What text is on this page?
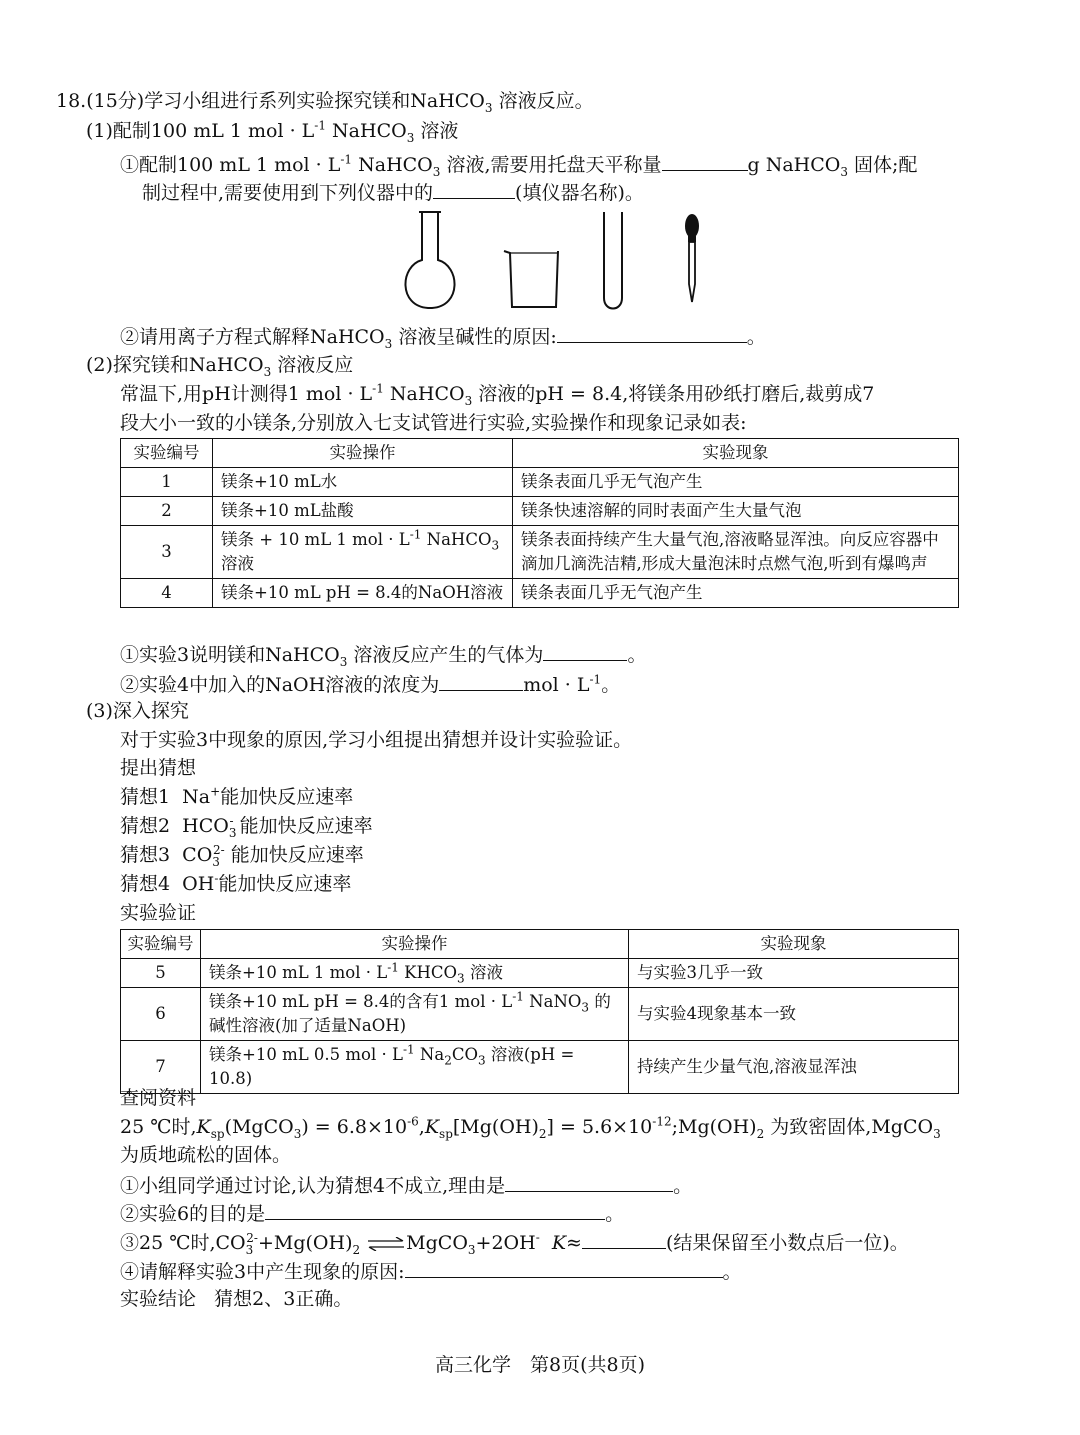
18.(15分)学习小组进行系列实验探究镁和NaHCO$_3$ 溶液反应。
(1)配制100 mL 1 mol · $L^{-1}$ NaHCO$_3$ 溶液
①配制100 mL 1 mol · $L^{-1}$ NaHCO$_3$ 溶液,需要用托盘天平称量	g NaHCO$_3$ 固体;配
制过程中,需要使用到下列仪器中的	(填仪器名称)。
②请用离子方程式解释NaHCO$_3$ 溶液呈碱性的原因:	。
(2)探究镁和NaHCO$_3$ 溶液反应
常温下,用pH计测得1 mol · $L^{-1}$ NaHCO$_3$ 溶液的pH = 8.4,将镁条用砂纸打磨后,裁剪成7
段大小一致的小镁条,分别放入七支试管进行实验,实验操作和现象记录如表:
实验编号	实验操作	实验现象
1	镁条+10 mL水	镁条表面几乎无气泡产生
2	镁条+10 mL盐酸	镁条快速溶解的同时表面产生大量气泡
3	镁条 + 10 mL 1 mol · $L^{-1}$ NaHCO$_3$
溶液	镁条表面持续产生大量气泡,溶液略显浑浊。向反应容器中滴加几滴洗洁精,形成大量泡沫时点燃气泡,听到有爆鸣声
4	镁条+10 mL pH = 8.4的NaOH溶液	镁条表面几乎无气泡产生
①实验3说明镁和NaHCO$_3$ 溶液反应产生的气体为	。
②实验4中加入的NaOH溶液的浓度为	mol · $L^{-1}$。
(3)深入探究
对于实验3中现象的原因,学习小组提出猜想并设计实验验证。
提出猜想
猜想1  Na+能加快反应速率
猜想2  $HCO_3^-$ 能加快反应速率
猜想3  $CO_3^{2-}$ 能加快反应速率
猜想4  OH-能加快反应速率
实验验证
实验编号	实验操作	实验现象
5	镁条+10 mL 1 mol · $L^{-1}$ $KHCO_3$ 溶液	与实验3几乎一致
6	镁条+10 mL pH = 8.4的含有1 mol · $L^{-1}$ NaNO$_3$ 的
碱性溶液(加了适量NaOH)	与实验4现象基本一致
7	镁条+10 mL 0.5 mol · $L^{-1}$ $Na_2CO_3$ 溶液(pH = 10.8)	持续产生少量气泡,溶液显浑浊
查阅资料
25 ℃时$,K_{sp}(MgCO_3) = 6.8\times 10^{-6},K_{sp}[Mg(OH)_2]$ = $5.6\times 10^{-12};Mg(OH)_2$ 为致密固体,MgCO$_3$
为质地疏松的固体。
①小组同学通过讨论,认为猜想4不成立,理由是	。
②实验6的目的是	。
③25 ℃时$,CO_3^{2-}+Mg(OH)_2$ ⇌MgCO$_3$+2OH- K≈	(结果保留至小数点后一位)。
④请解释实验3中产生现象的原因:	。
实验结论 猜想2、3正确。
高三化学　第8页(共8页)
